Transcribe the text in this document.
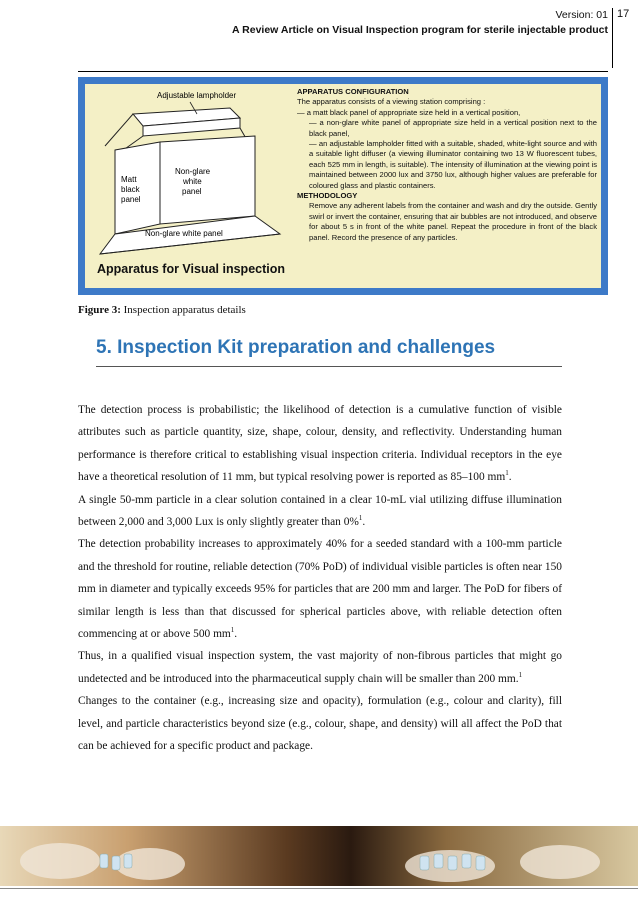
Version: 01
A Review Article on Visual Inspection program for sterile injectable product
17
Adjustable lampholder
Matt
black
panel
Non-glare
white
panel
Non-glare white panel
Apparatus for Visual inspection
APPARATUS CONFIGURATION
The apparatus consists of a viewing station comprising :
— a matt black panel of appropriate size held in a vertical position,
— a non-glare white panel of appropriate size held in a vertical position next to the black panel,
— an adjustable lampholder fitted with a suitable, shaded, white-light source and with a suitable light diffuser (a viewing illuminator containing two 13 W fluorescent tubes, each 525 mm in length, is suitable). The intensity of illumination at the viewing point is maintained between 2000 lux and 3750 lux, although higher values are preferable for coloured glass and plastic containers.
METHODOLOGY
Remove any adherent labels from the container and wash and dry the outside. Gently swirl or invert the container, ensuring that air bubbles are not introduced, and observe for about 5 s in front of the white panel. Repeat the procedure in front of the black panel. Record the presence of any particles.
Figure 3: Inspection apparatus details
5. Inspection Kit preparation and challenges

The detection process is probabilistic; the likelihood of detection is a cumulative function of visible attributes such as particle quantity, size, shape, colour, density, and reflectivity. Understanding human performance is therefore critical to establishing visual inspection criteria. Individual receptors in the eye have a theoretical resolution of 11 mm, but typical resolving power is reported as 85–100 $mm^1$.

A single 50-mm particle in a clear solution contained in a clear 10-mL vial utilizing diffuse illumination between 2,000 and 3,000 Lux is only slightly greater than 0%$^1$.

The detection probability increases to approximately 40% for a seeded standard with a 100-mm particle and the threshold for routine, reliable detection (70% PoD) of individual visible particles is often near 150 mm in diameter and typically exceeds 95% for particles that are 200 mm and larger. The PoD for fibers of similar length is less than that discussed for spherical particles above, with reliable detection often commencing at or above 500 $mm^1$.

Thus, in a qualified visual inspection system, the vast majority of non-fibrous particles that might go undetected and be introduced into the pharmaceutical supply chain will be smaller than 200 mm.$^1$

Changes to the container (e.g., increasing size and opacity), formulation (e.g., colour and clarity), fill level, and particle characteristics beyond size (e.g., colour, shape, and density) will all affect the PoD that can be achieved for a specific product and package.
